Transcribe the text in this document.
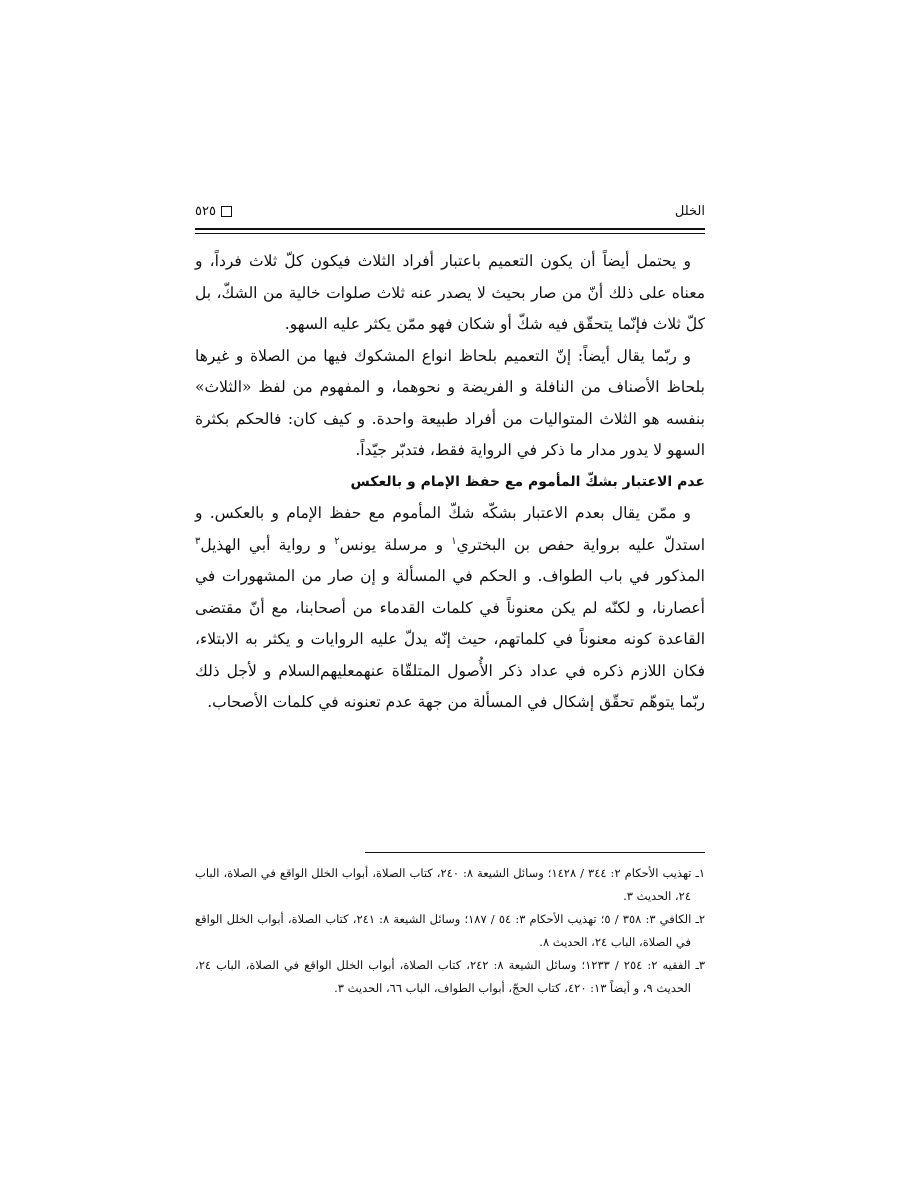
الخلل
٥٢٥

و يحتمل أيضاً أن يكون التعميم باعتبار أفراد الثلاث فيكون كلّ ثلاث فرداً، و معناه على ذلك أنّ من صار بحيث لا يصدر عنه ثلاث صلوات خالية من الشكّ، بل كلّ ثلاث فإنّما يتحقّق فيه شكّ أو شكان فهو ممّن يكثر عليه السهو.

و ربّما يقال أيضاً: إنّ التعميم بلحاظ انواع المشكوك فيها من الصلاة و غيرها بلحاظ الأصناف من النافلة و الفريضة و نحوهما، و المفهوم من لفظ «الثلاث» بنفسه هو الثلاث المتواليات من أفراد طبيعة واحدة. و كيف كان: فالحكم بكثرة السهو لا يدور مدار ما ذكر في الرواية فقط، فتدبّر جيّداً.

عدم الاعتبار بشكّ المأموم مع حفظ الإمام و بالعكس

و ممّن يقال بعدم الاعتبار بشكّه شكّ المأموم مع حفظ الإمام و بالعكس. و استدلّ عليه برواية حفص بن البختري$^١$ و مرسلة يونس$^٢$ و رواية أبي الهذيل$^٣$ المذكور في باب الطواف. و الحكم في المسألة و إن صار من المشهورات في أعصارنا، و لكنّه لم يكن معنوناً في كلمات القدماء من أصحابنا، مع أنّ مقتضى القاعدة كونه معنوناً في كلماتهم، حيث إنّه يدلّ عليه الروايات و يكثر به الابتلاء، فكان اللازم ذكره في عداد ذكر الأُصول المتلقّاة عنهمعليهم‌السلام و لأجل ذلك ربّما يتوهّم تحقّق إشكال في المسألة من جهة عدم تعنونه في كلمات الأصحاب.

١ـ تهذيب الأحكام ٢: ٣٤٤ / ١٤٢٨؛ وسائل الشيعة ٨: ٢٤٠، كتاب الصلاة، أبواب الخلل الواقع في الصلاة، الباب ٢٤، الحديث ٣.

٢ـ الكافي ٣: ٣٥٨ / ٥؛ تهذيب الأحكام ٣: ٥٤ / ١٨٧؛ وسائل الشيعة ٨: ٢٤١، كتاب الصلاة، أبواب الخلل الواقع في الصلاة، الباب ٢٤، الحديث ٨.

٣ـ الفقيه ٢: ٢٥٤ / ١٢٣٣؛ وسائل الشيعة ٨: ٢٤٢، كتاب الصلاة، أبواب الخلل الواقع في الصلاة، الباب ٢٤، الحديث ٩، و أيضاً ١٣: ٤٢٠، كتاب الحجّ، أبواب الطواف، الباب ٦٦، الحديث ٣.
